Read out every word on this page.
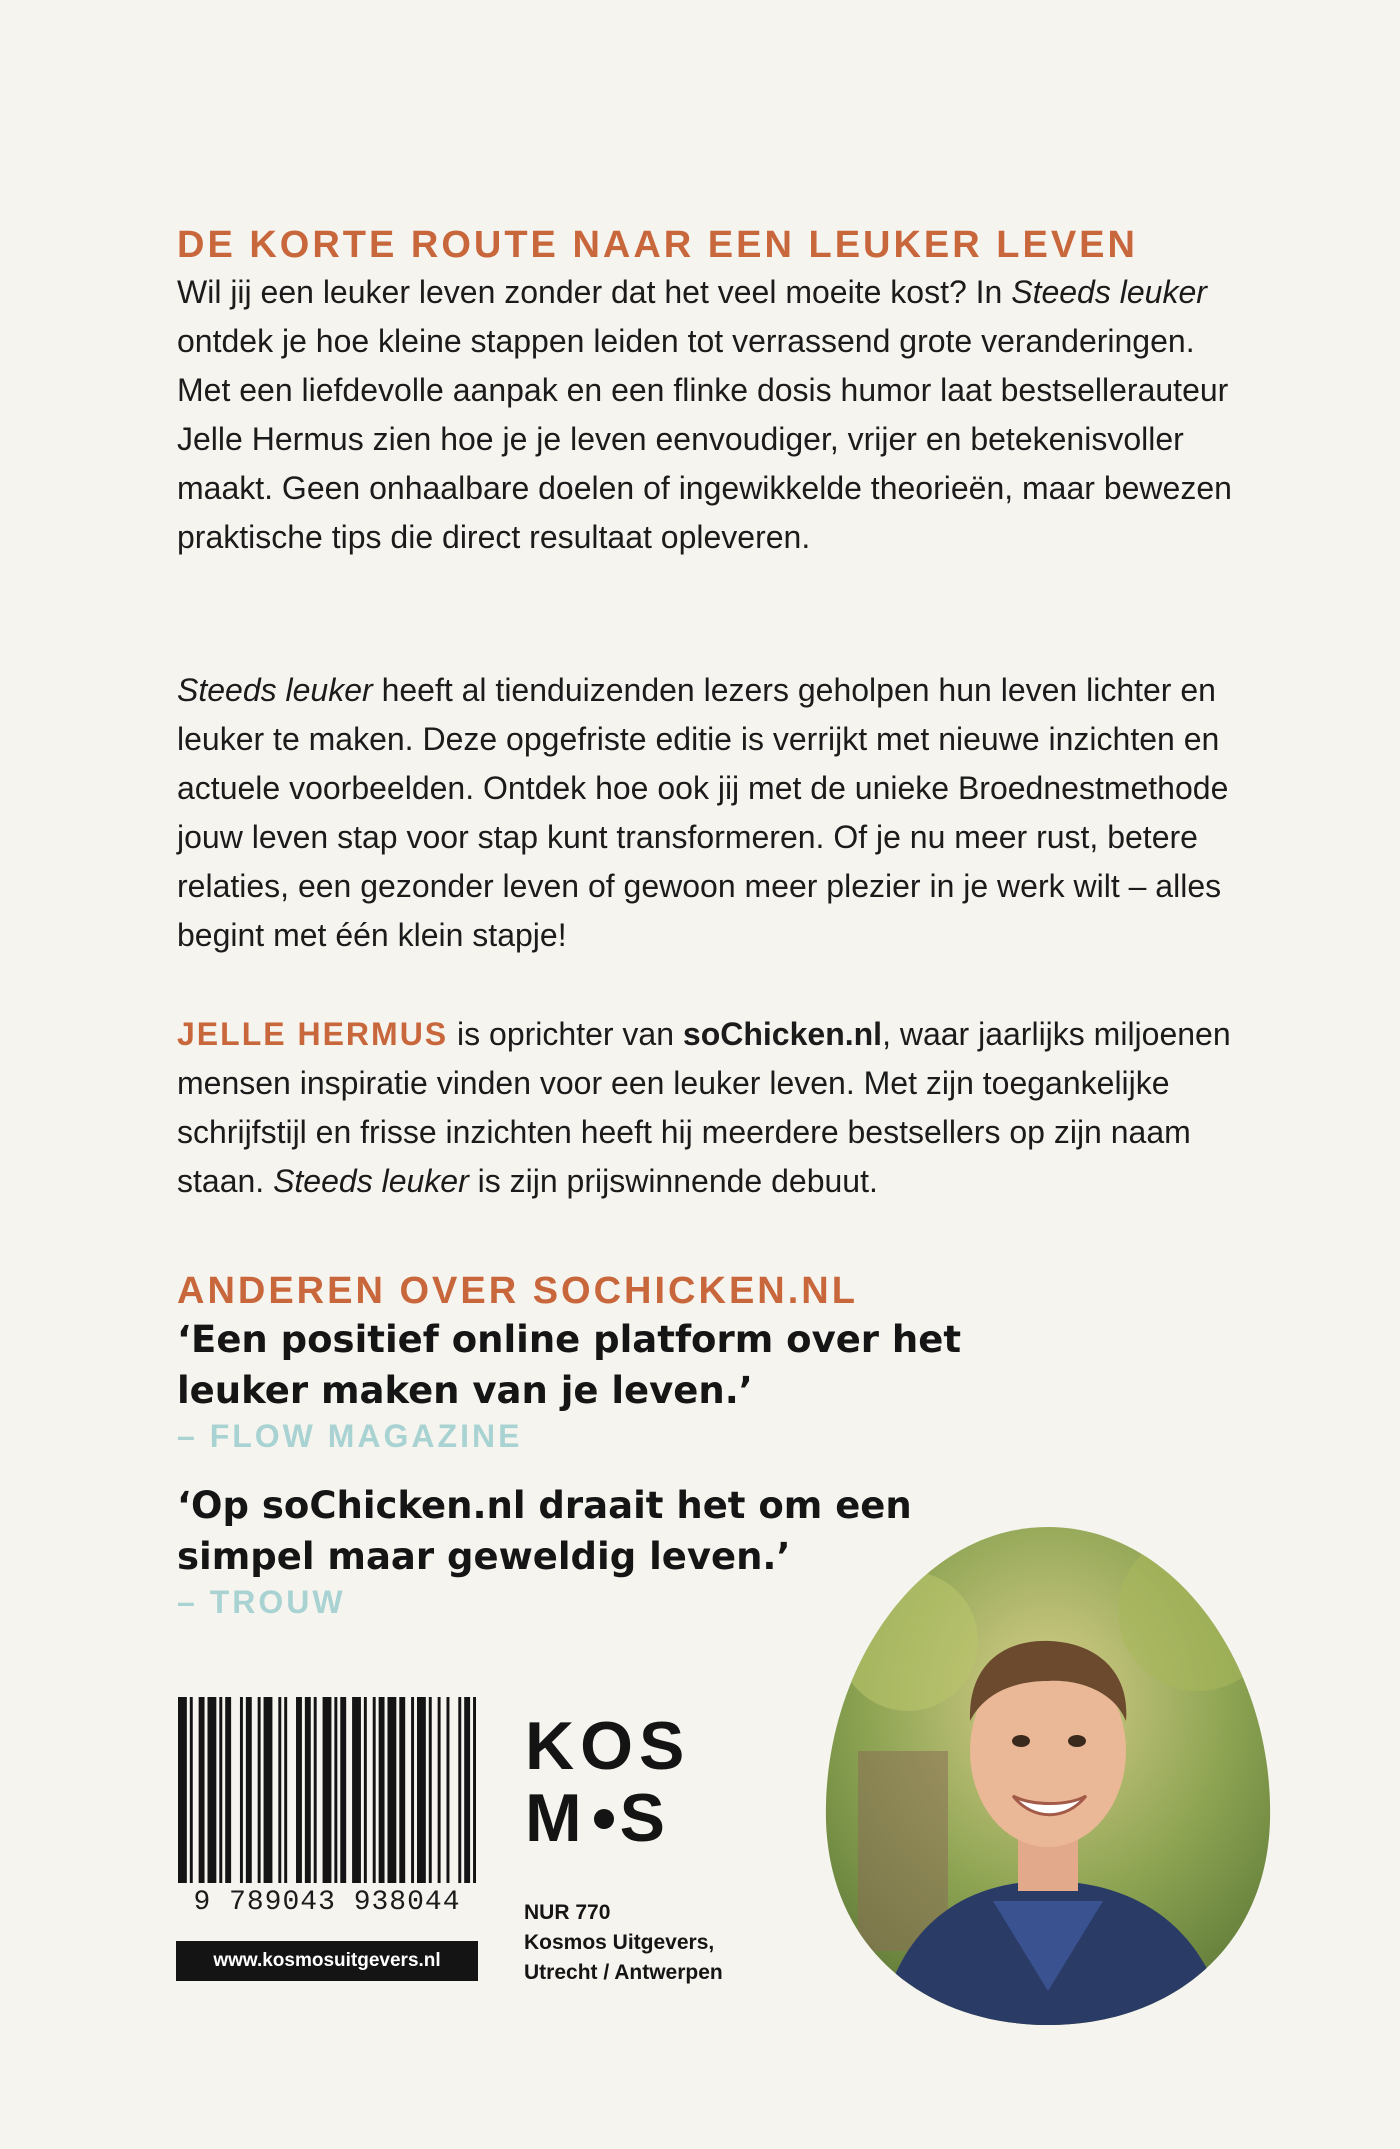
DE KORTE ROUTE NAAR EEN LEUKER LEVEN

Wil jij een leuker leven zonder dat het veel moeite kost? In Steeds leuker ontdek je hoe kleine stappen leiden tot verrassend grote veranderingen. Met een liefdevolle aanpak en een flinke dosis humor laat bestsellerauteur Jelle Hermus zien hoe je je leven eenvoudiger, vrijer en betekenisvoller maakt. Geen onhaalbare doelen of ingewikkelde theorieën, maar bewezen praktische tips die direct resultaat opleveren.

Steeds leuker heeft al tienduizenden lezers geholpen hun leven lichter en leuker te maken. Deze opgefriste editie is verrijkt met nieuwe inzichten en actuele voorbeelden. Ontdek hoe ook jij met de unieke Broednestmethode jouw leven stap voor stap kunt transformeren. Of je nu meer rust, betere relaties, een gezonder leven of gewoon meer plezier in je werk wilt – alles begint met één klein stapje!

JELLE HERMUS is oprichter van soChicken.nl, waar jaarlijks miljoenen mensen inspiratie vinden voor een leuker leven. Met zijn toegankelijke schrijfstijl en frisse inzichten heeft hij meerdere bestsellers op zijn naam staan. Steeds leuker is zijn prijswinnende debuut.

ANDEREN OVER SOCHICKEN.NL

‘Een positief online platform over het leuker maken van je leven.’

– FLOW MAGAZINE

‘Op soChicken.nl draait het om een simpel maar geweldig leven.’

– TROUW

9 789043 938044
www.kosmosuitgevers.nl
KOS
M S
NUR 770
Kosmos Uitgevers,
Utrecht / Antwerpen
